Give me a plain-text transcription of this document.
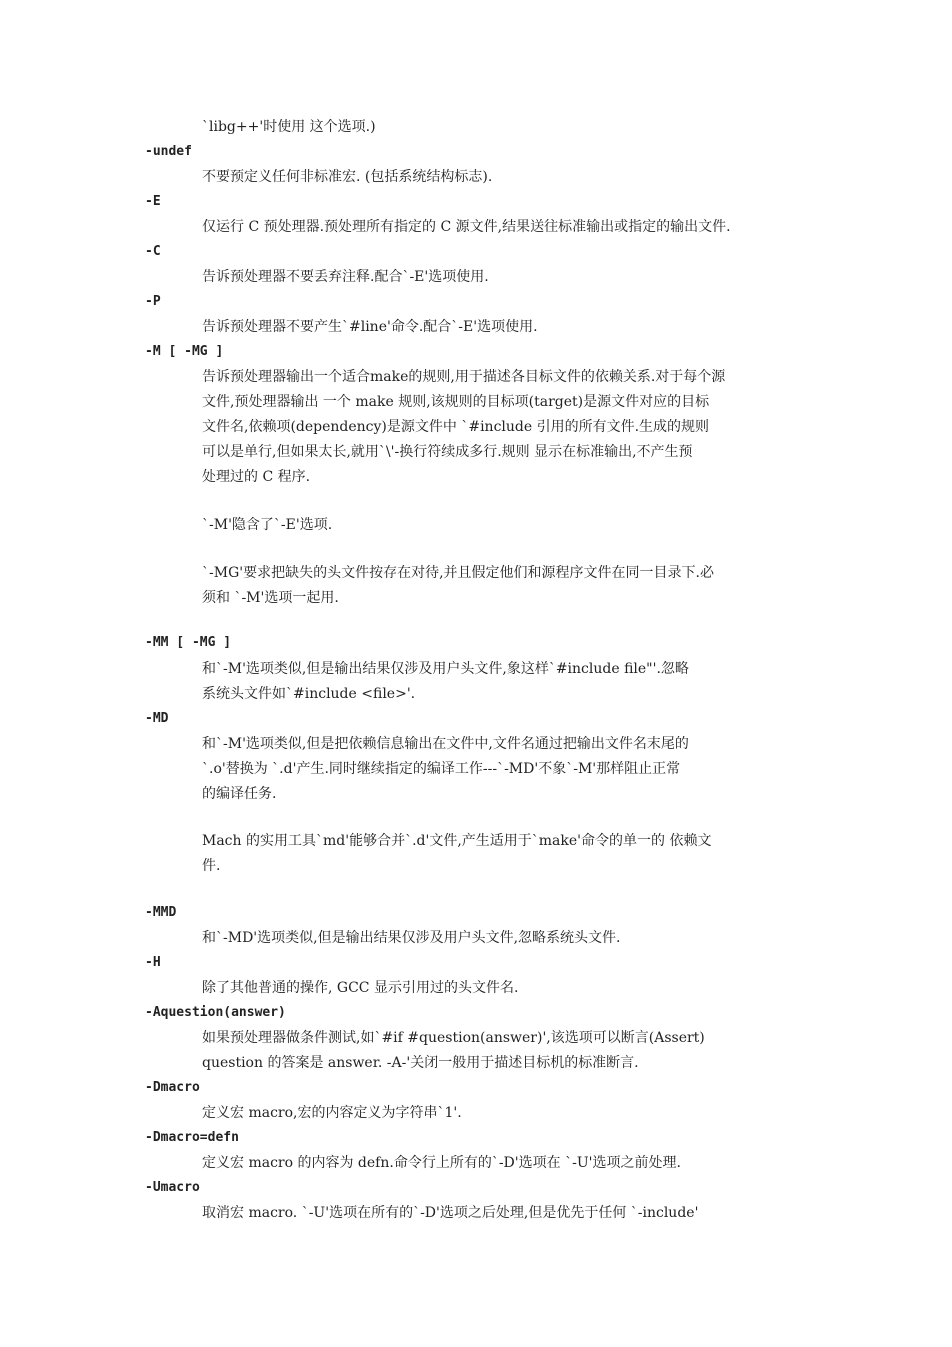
`libg++'时使用 这个选项.)
-undef
不要预定义任何非标准宏. (包括系统结构标志).
-E
仅运行 C 预处理器.预处理所有指定的 C 源文件,结果送往标准输出或指定的输出文件.
-C
告诉预处理器不要丢弃注释.配合`-E'选项使用.
-P
告诉预处理器不要产生`#line'命令.配合`-E'选项使用.
-M [ -MG ]
告诉预处理器输出一个适合make的规则,用于描述各目标文件的依赖关系.对于每个源
文件,预处理器输出 一个 make 规则,该规则的目标项(target)是源文件对应的目标
文件名,依赖项(dependency)是源文件中 `#include 引用的所有文件.生成的规则
可以是单行,但如果太长,就用`\'-换行符续成多行.规则 显示在标准输出,不产生预
处理过的 C 程序.
`-M'隐含了`-E'选项.
`-MG'要求把缺失的头文件按存在对待,并且假定他们和源程序文件在同一目录下.必
须和 `-M'选项一起用.
-MM [ -MG ]
和`-M'选项类似,但是输出结果仅涉及用户头文件,象这样`#include file"'.忽略
系统头文件如`#include <file>'.
-MD
和`-M'选项类似,但是把依赖信息输出在文件中,文件名通过把输出文件名末尾的
`.o'替换为 `.d'产生.同时继续指定的编译工作---`-MD'不象`-M'那样阻止正常
的编译任务.
Mach 的实用工具`md'能够合并`.d'文件,产生适用于`make'命令的单一的 依赖文
件.
-MMD
和`-MD'选项类似,但是输出结果仅涉及用户头文件,忽略系统头文件.
-H
除了其他普通的操作, GCC 显示引用过的头文件名.
-Aquestion(answer)
如果预处理器做条件测试,如`#if #question(answer)',该选项可以断言(Assert)
question 的答案是 answer. -A-'关闭一般用于描述目标机的标准断言.
-Dmacro
定义宏 macro,宏的内容定义为字符串`1'.
-Dmacro=defn
定义宏 macro 的内容为 defn.命令行上所有的`-D'选项在 `-U'选项之前处理.
-Umacro
取消宏 macro. `-U'选项在所有的`-D'选项之后处理,但是优先于任何 `-include'
